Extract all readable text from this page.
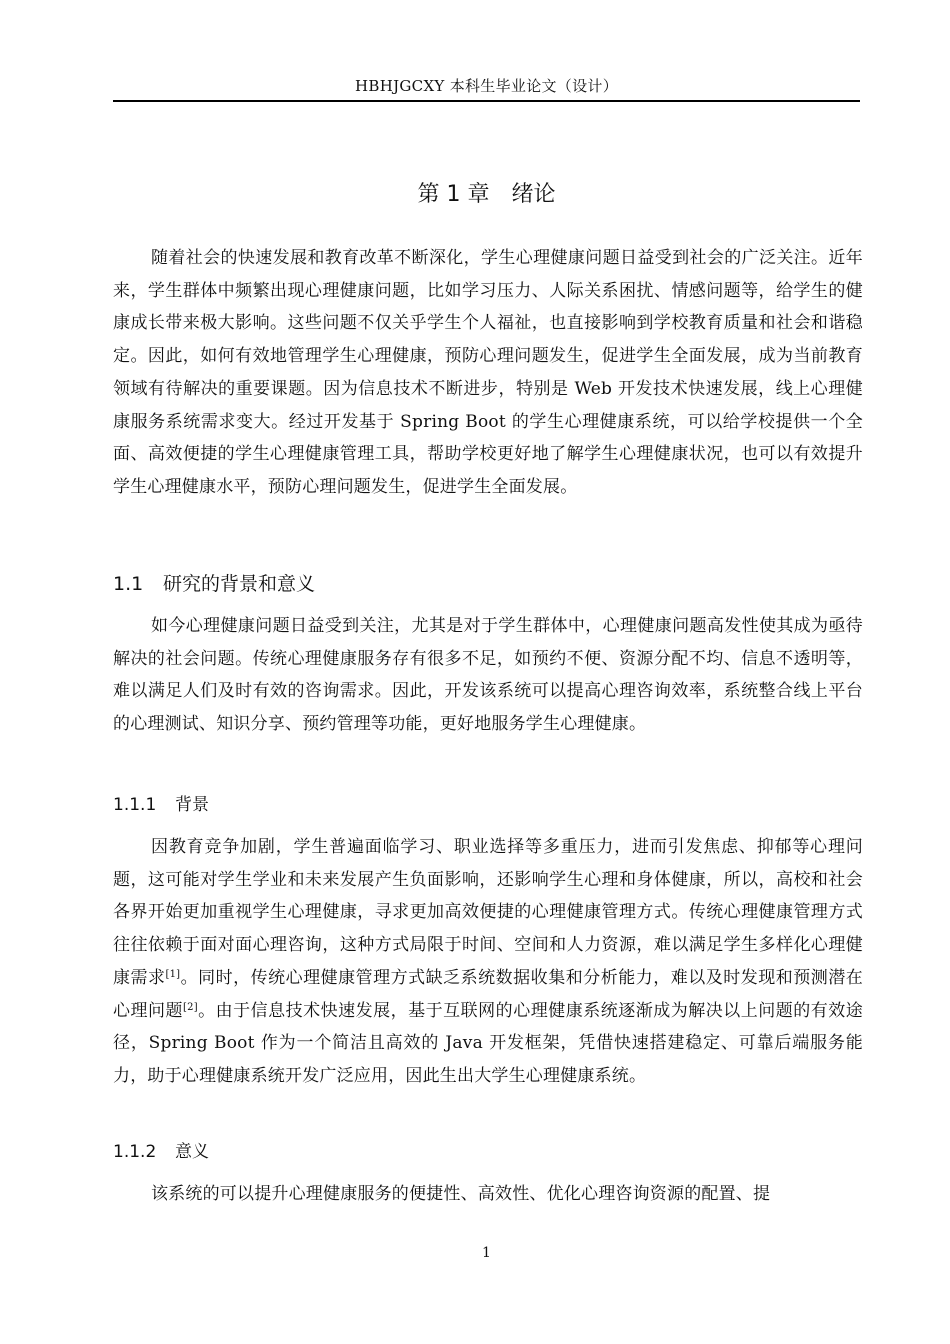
HBHJGCXY 本科生毕业论文（设计）
第 1 章 绪论

随着社会的快速发展和教育改革不断深化，学生心理健康问题日益受到社会的广泛关注。近年来，学生群体中频繁出现心理健康问题，比如学习压力、人际关系困扰、情感问题等，给学生的健康成长带来极大影响。这些问题不仅关乎学生个人福祉，也直接影响到学校教育质量和社会和谐稳定。因此，如何有效地管理学生心理健康，预防心理问题发生，促进学生全面发展，成为当前教育领域有待解决的重要课题。因为信息技术不断进步，特别是 Web 开发技术快速发展，线上心理健康服务系统需求变大。经过开发基于 Spring Boot 的学生心理健康系统，可以给学校提供一个全面、高效便捷的学生心理健康管理工具，帮助学校更好地了解学生心理健康状况，也可以有效提升学生心理健康水平，预防心理问题发生，促进学生全面发展。

1.1 研究的背景和意义

如今心理健康问题日益受到关注，尤其是对于学生群体中，心理健康问题高发性使其成为亟待解决的社会问题。传统心理健康服务存有很多不足，如预约不便、资源分配不均、信息不透明等，难以满足人们及时有效的咨询需求。因此，开发该系统可以提高心理咨询效率，系统整合线上平台的心理测试、知识分享、预约管理等功能，更好地服务学生心理健康。

1.1.1 背景

因教育竞争加剧，学生普遍面临学习、职业选择等多重压力，进而引发焦虑、抑郁等心理问题，这可能对学生学业和未来发展产生负面影响，还影响学生心理和身体健康，所以，高校和社会各界开始更加重视学生心理健康，寻求更加高效便捷的心理健康管理方式。传统心理健康管理方式往往依赖于面对面心理咨询，这种方式局限于时间、空间和人力资源，难以满足学生多样化心理健康需求[1]。同时，传统心理健康管理方式缺乏系统数据收集和分析能力，难以及时发现和预测潜在心理问题[2]。由于信息技术快速发展，基于互联网的心理健康系统逐渐成为解决以上问题的有效途径，Spring Boot 作为一个简洁且高效的 Java 开发框架，凭借快速搭建稳定、可靠后端服务能力，助于心理健康系统开发广泛应用，因此生出大学生心理健康系统。

1.1.2 意义

该系统的可以提升心理健康服务的便捷性、高效性、优化心理咨询资源的配置、提

1
